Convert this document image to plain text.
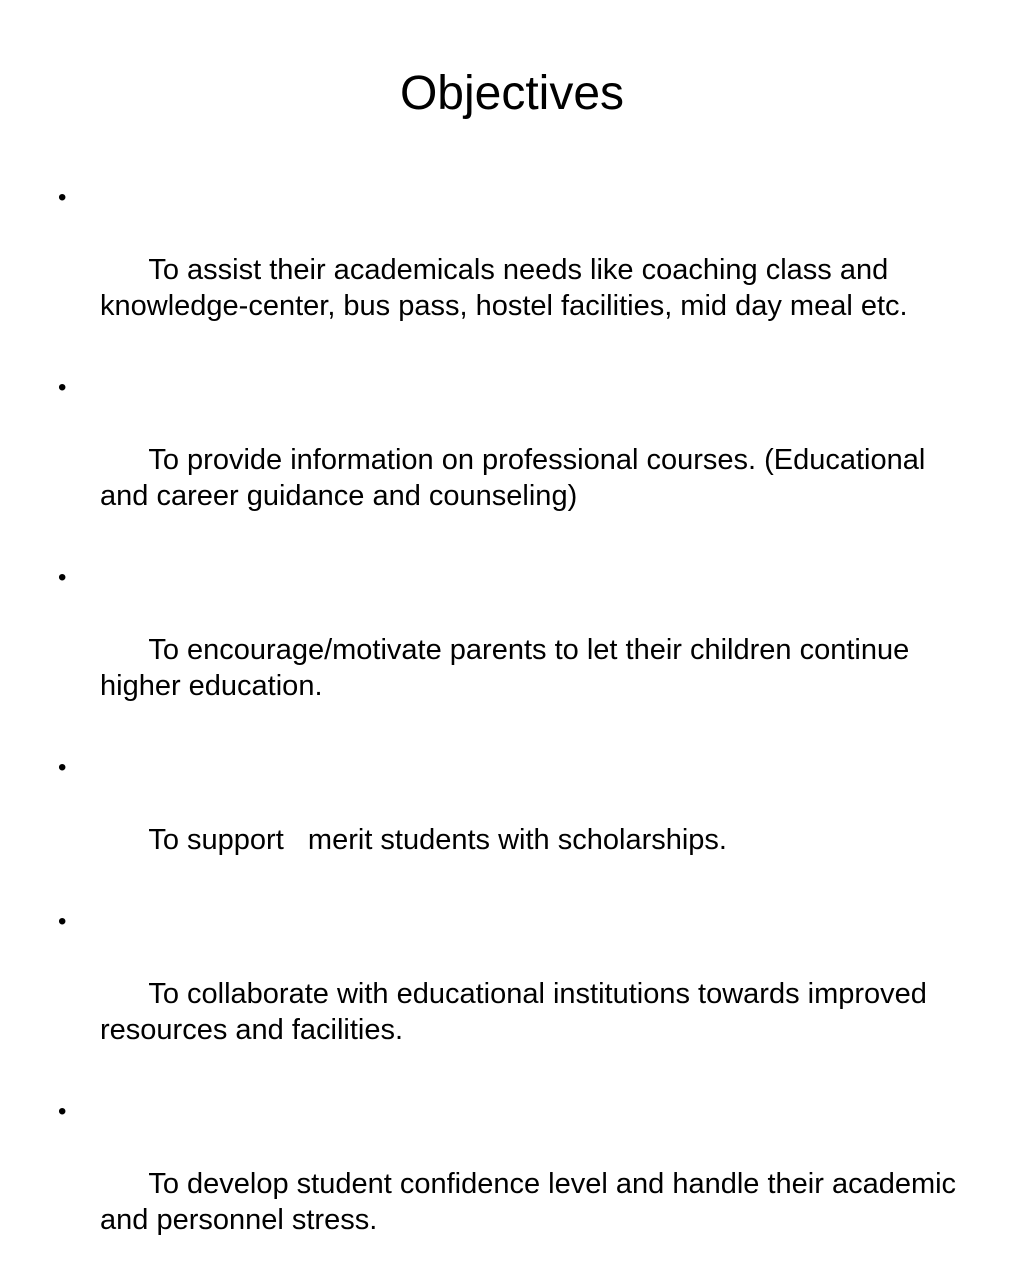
Objectives

•

To assist their academicals needs like coaching class and knowledge-center, bus pass, hostel facilities, mid day meal etc.

•

To provide information on professional courses. (Educational and career guidance and counseling)

•

To encourage/motivate parents to let their children continue higher education.

•

To support   merit students with scholarships.

•

To collaborate with educational institutions towards improved resources and facilities.

•

To develop student confidence level and handle their academic and personnel stress.
